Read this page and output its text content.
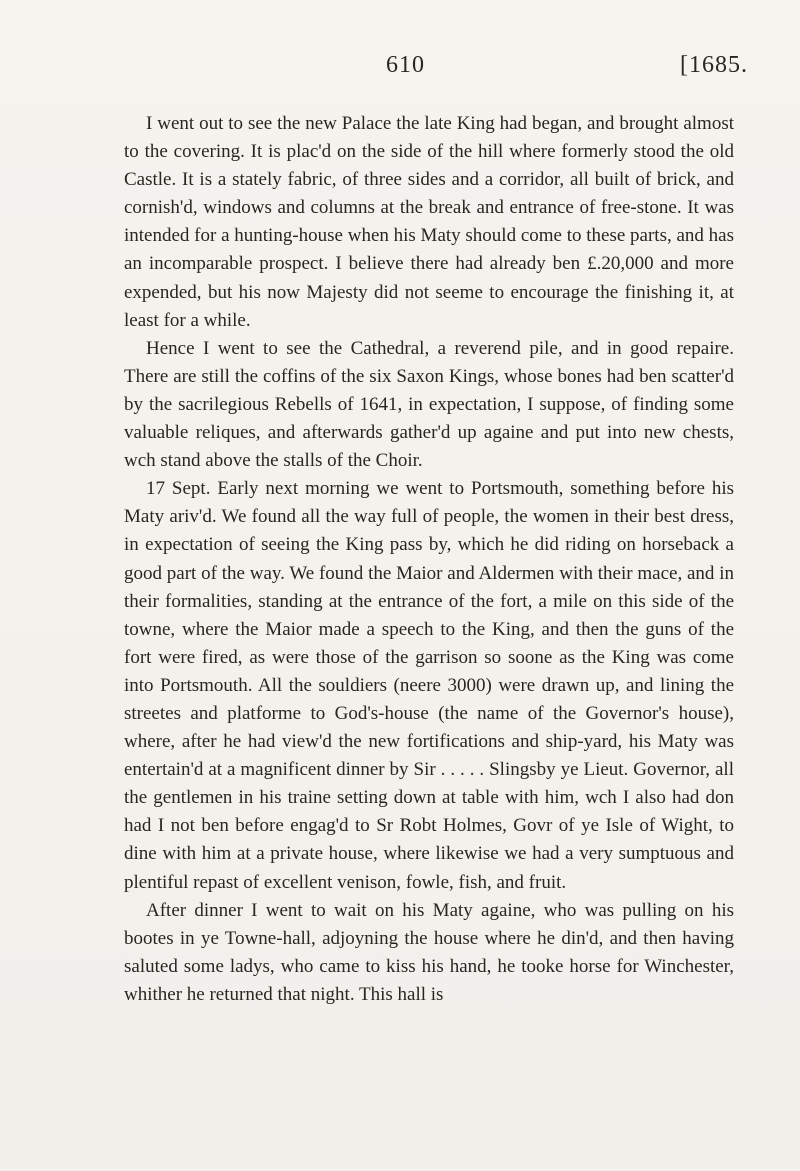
610	[1685.

I went out to see the new Palace the late King had began, and brought almost to the covering. It is plac'd on the side of the hill where formerly stood the old Castle. It is a stately fabric, of three sides and a corridor, all built of brick, and cornish'd, windows and columns at the break and entrance of free-stone. It was intended for a hunting-house when his Maty should come to these parts, and has an incomparable prospect. I believe there had already ben £.20,000 and more expended, but his now Majesty did not seeme to encourage the finishing it, at least for a while.

Hence I went to see the Cathedral, a reverend pile, and in good repaire. There are still the coffins of the six Saxon Kings, whose bones had ben scatter'd by the sacrilegious Rebells of 1641, in expectation, I suppose, of finding some valuable reliques, and afterwards gather'd up againe and put into new chests, wch stand above the stalls of the Choir.

17 Sept. Early next morning we went to Portsmouth, something before his Maty ariv'd. We found all the way full of people, the women in their best dress, in expectation of seeing the King pass by, which he did riding on horseback a good part of the way. We found the Maior and Aldermen with their mace, and in their formalities, standing at the entrance of the fort, a mile on this side of the towne, where the Maior made a speech to the King, and then the guns of the fort were fired, as were those of the garrison so soone as the King was come into Portsmouth. All the souldiers (neere 3000) were drawn up, and lining the streetes and platforme to God's-house (the name of the Governor's house), where, after he had view'd the new fortifications and ship-yard, his Maty was entertain'd at a magnificent dinner by Sir . . . . . Slingsby ye Lieut. Governor, all the gentlemen in his traine setting down at table with him, wch I also had don had I not ben before engag'd to Sr Robt Holmes, Govr of ye Isle of Wight, to dine with him at a private house, where likewise we had a very sumptuous and plentiful repast of excellent venison, fowle, fish, and fruit.

After dinner I went to wait on his Maty againe, who was pulling on his bootes in ye Towne-hall, adjoyning the house where he din'd, and then having saluted some ladys, who came to kiss his hand, he tooke horse for Winchester, whither he returned that night. This hall is
